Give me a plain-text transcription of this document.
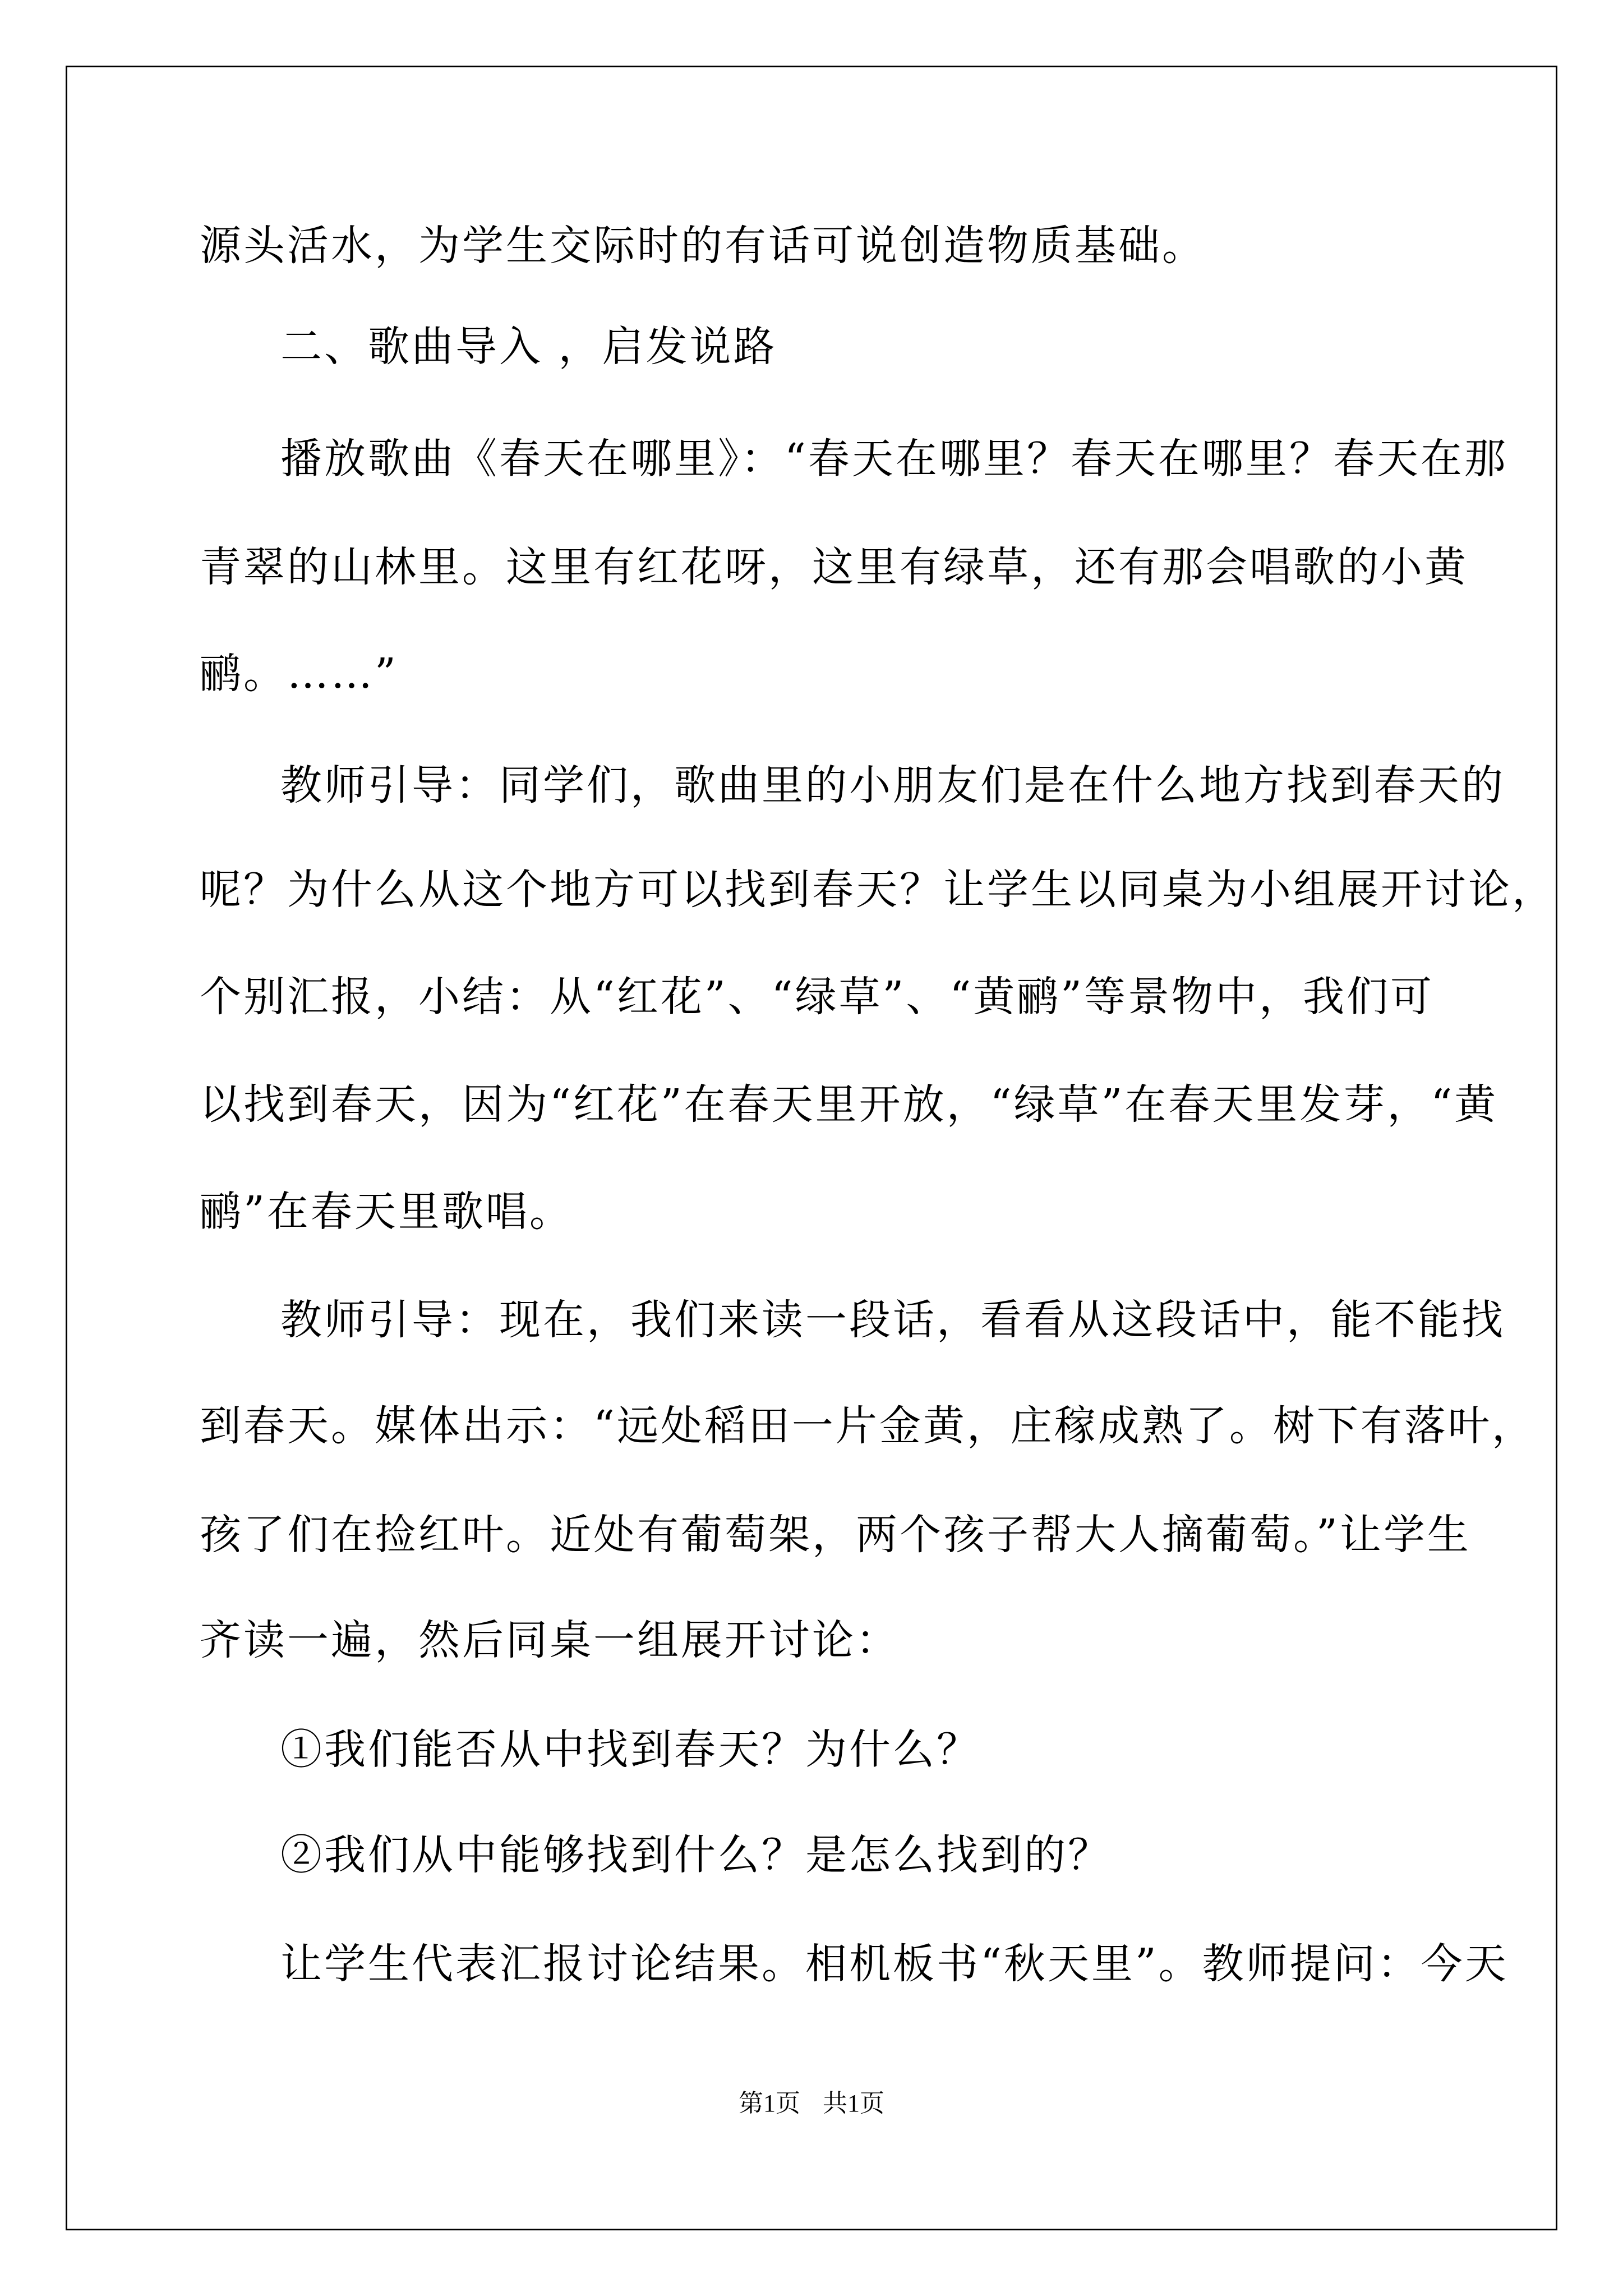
源头活水，为学生交际时的有话可说创造物质基础。
二、歌曲导入 ，启发说路
播放歌曲《春天在哪里》：“春天在哪里？春天在哪里？春天在那
青翠的山林里。这里有红花呀，这里有绿草，还有那会唱歌的小黄
鹂。……”
教师引导：同学们，歌曲里的小朋友们是在什么地方找到春天的
呢？为什么从这个地方可以找到春天？让学生以同桌为小组展开讨论，
个别汇报，小结：从“红花”、“绿草”、“黄鹂”等景物中，我们可
以找到春天，因为“红花”在春天里开放，“绿草”在春天里发芽，“黄
鹂”在春天里歌唱。
教师引导：现在，我们来读一段话，看看从这段话中，能不能找
到春天。媒体出示：“远处稻田一片金黄，庄稼成熟了。树下有落叶，
孩了们在捡红叶。近处有葡萄架，两个孩子帮大人摘葡萄。”让学生
齐读一遍，然后同桌一组展开讨论：
①我们能否从中找到春天？为什么？
②我们从中能够找到什么？是怎么找到的？
让学生代表汇报讨论结果。相机板书“秋天里”。教师提问：今天
第1页 共1页
